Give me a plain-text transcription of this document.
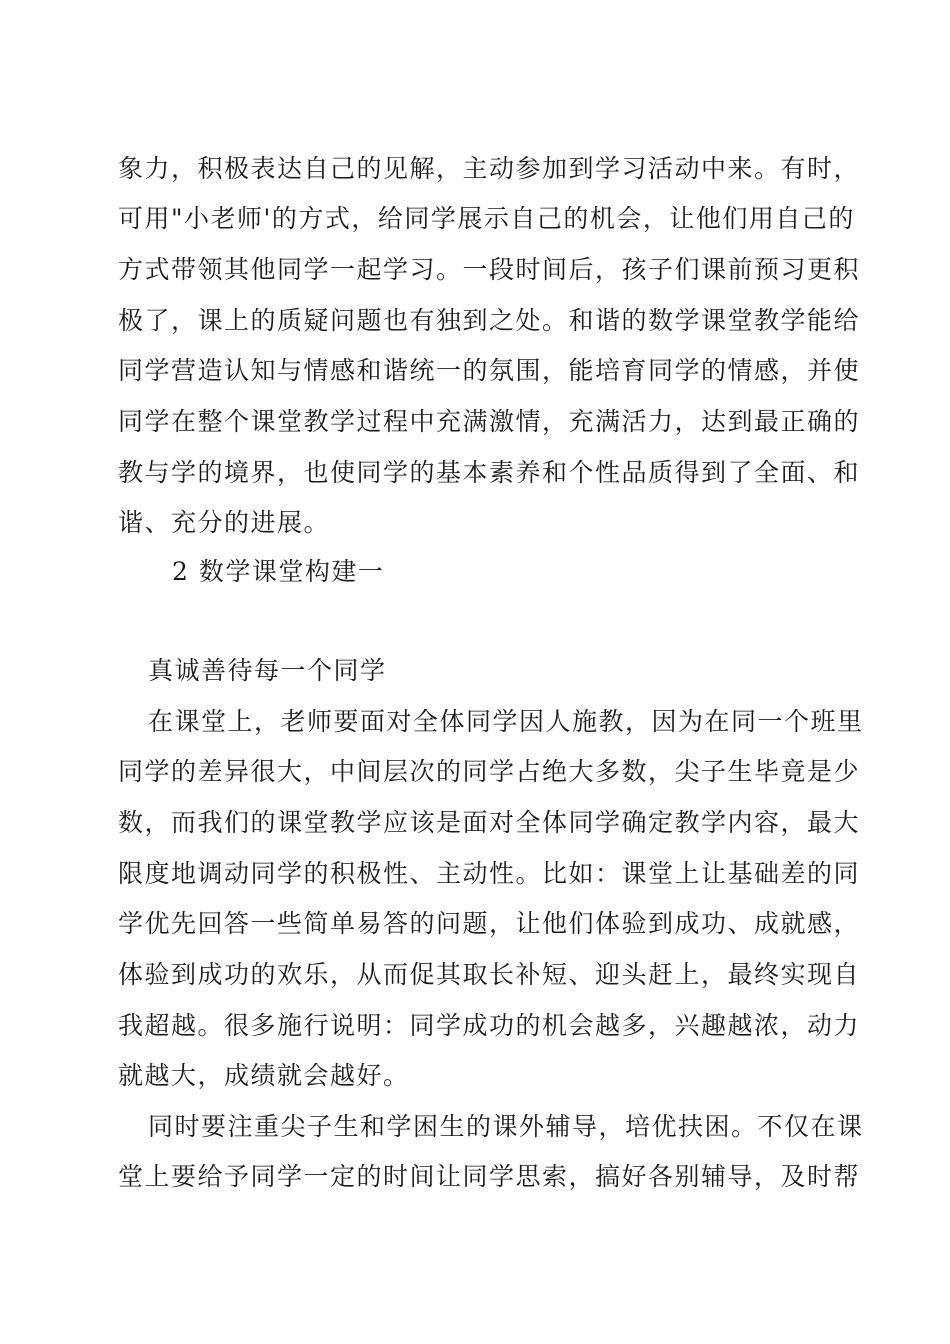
象力，积极表达自己的见解，主动参加到学习活动中来。有时，
可用"小老师'的方式，给同学展示自己的机会，让他们用自己的
方式带领其他同学一起学习。一段时间后，孩子们课前预习更积
极了，课上的质疑问题也有独到之处。和谐的数学课堂教学能给
同学营造认知与情感和谐统一的氛围，能培育同学的情感，并使
同学在整个课堂教学过程中充满激情，充满活力，达到最正确的
教与学的境界，也使同学的基本素养和个性品质得到了全面、和
谐、充分的进展。
2 数学课堂构建一
真诚善待每一个同学
在课堂上，老师要面对全体同学因人施教，因为在同一个班里
同学的差异很大，中间层次的同学占绝大多数，尖子生毕竟是少
数，而我们的课堂教学应该是面对全体同学确定教学内容，最大
限度地调动同学的积极性、主动性。比如：课堂上让基础差的同
学优先回答一些简单易答的问题，让他们体验到成功、成就感，
体验到成功的欢乐，从而促其取长补短、迎头赶上，最终实现自
我超越。很多施行说明：同学成功的机会越多，兴趣越浓，动力
就越大，成绩就会越好。
同时要注重尖子生和学困生的课外辅导，培优扶困。不仅在课
堂上要给予同学一定的时间让同学思索，搞好各别辅导，及时帮
